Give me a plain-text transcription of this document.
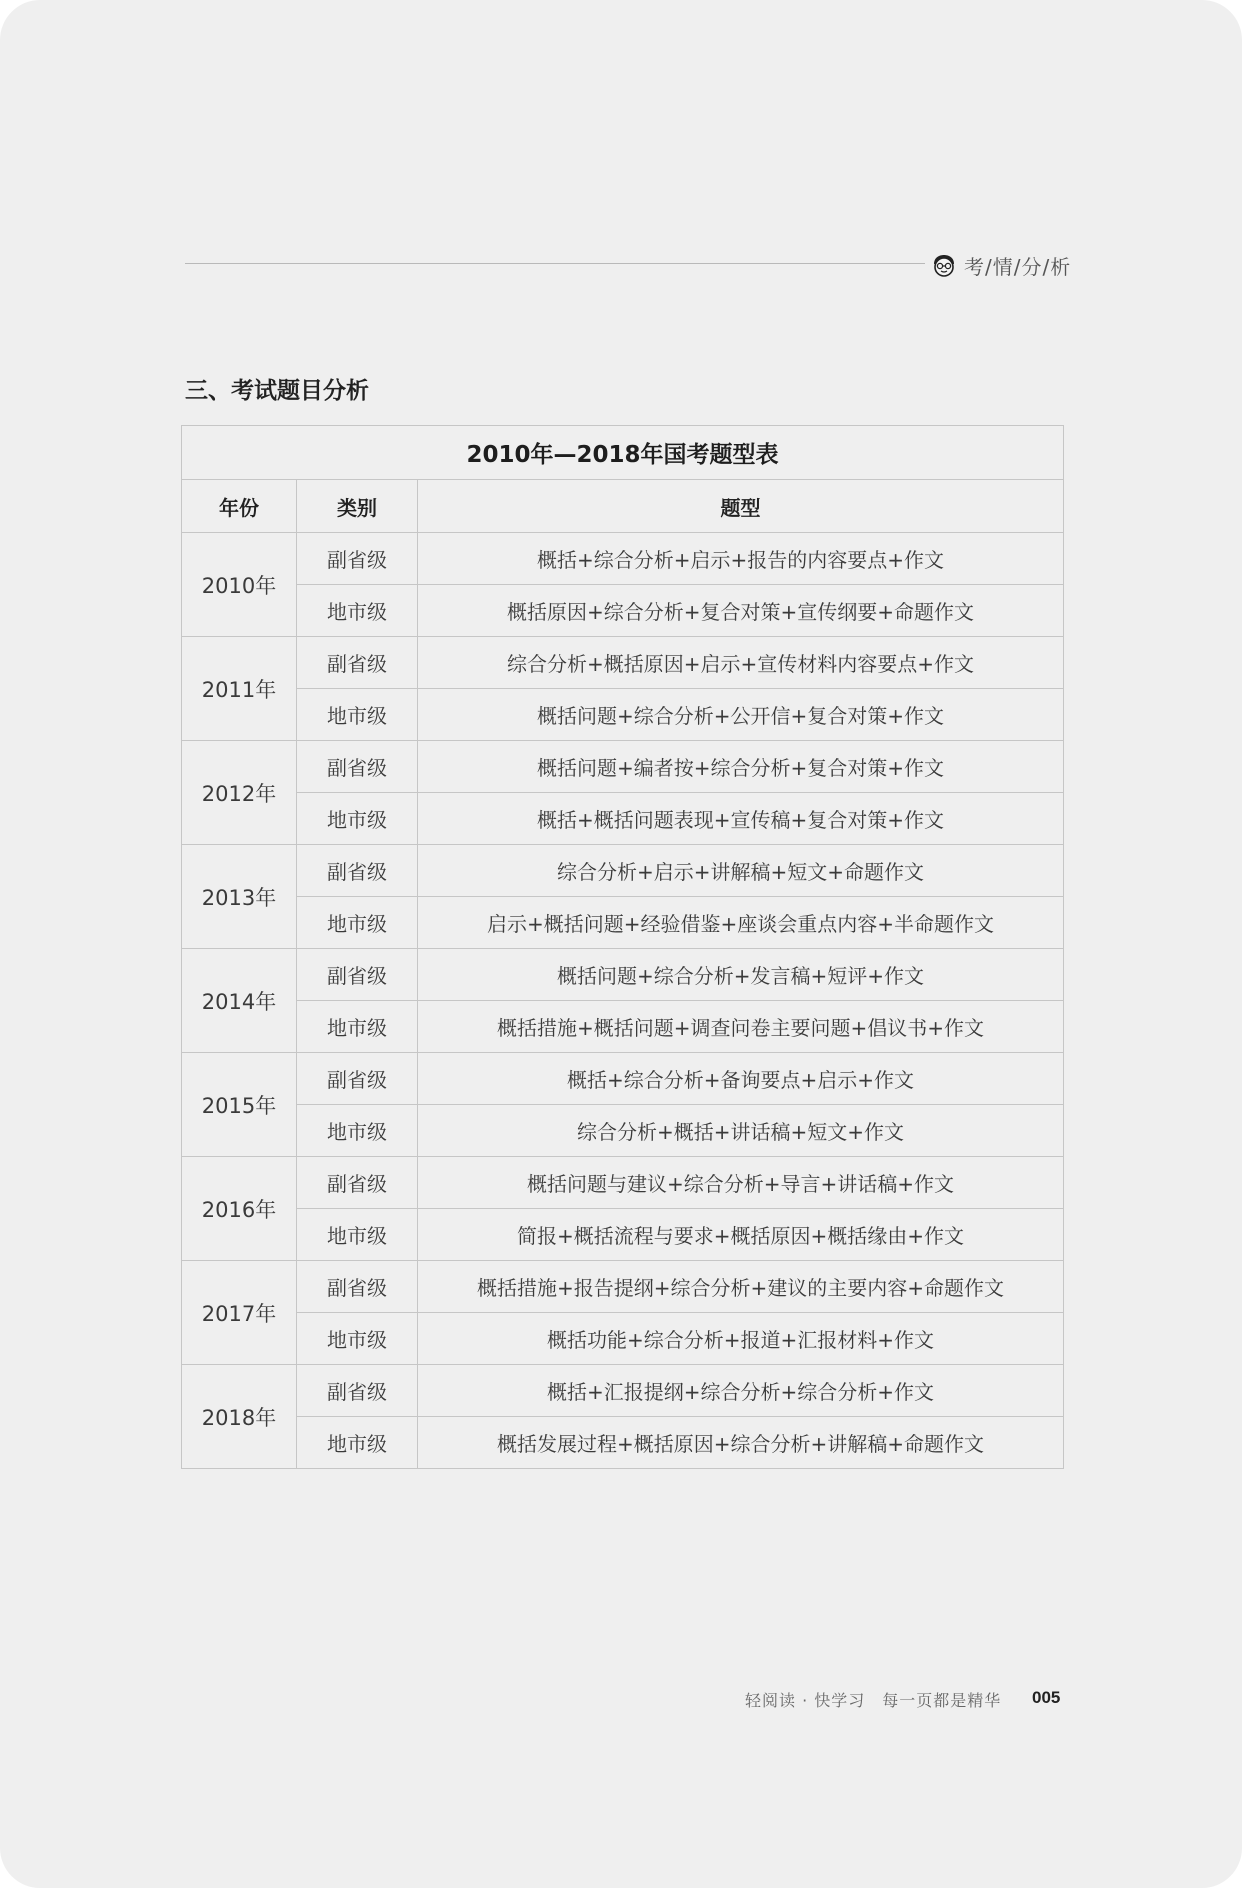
考/情/分/析
三、考试题目分析
2010年—2018年国考题型表		
年份	类别	题型
2010年	副省级	概括+综合分析+启示+报告的内容要点+作文
	地市级	概括原因+综合分析+复合对策+宣传纲要+命题作文
2011年	副省级	综合分析+概括原因+启示+宣传材料内容要点+作文
	地市级	概括问题+综合分析+公开信+复合对策+作文
2012年	副省级	概括问题+编者按+综合分析+复合对策+作文
	地市级	概括+概括问题表现+宣传稿+复合对策+作文
2013年	副省级	综合分析+启示+讲解稿+短文+命题作文
	地市级	启示+概括问题+经验借鉴+座谈会重点内容+半命题作文
2014年	副省级	概括问题+综合分析+发言稿+短评+作文
	地市级	概括措施+概括问题+调查问卷主要问题+倡议书+作文
2015年	副省级	概括+综合分析+备询要点+启示+作文
	地市级	综合分析+概括+讲话稿+短文+作文
2016年	副省级	概括问题与建议+综合分析+导言+讲话稿+作文
	地市级	简报+概括流程与要求+概括原因+概括缘由+作文
2017年	副省级	概括措施+报告提纲+综合分析+建议的主要内容+命题作文
	地市级	概括功能+综合分析+报道+汇报材料+作文
2018年	副省级	概括+汇报提纲+综合分析+综合分析+作文
	地市级	概括发展过程+概括原因+综合分析+讲解稿+命题作文
轻阅读 · 快学习　每一页都是精华 005
